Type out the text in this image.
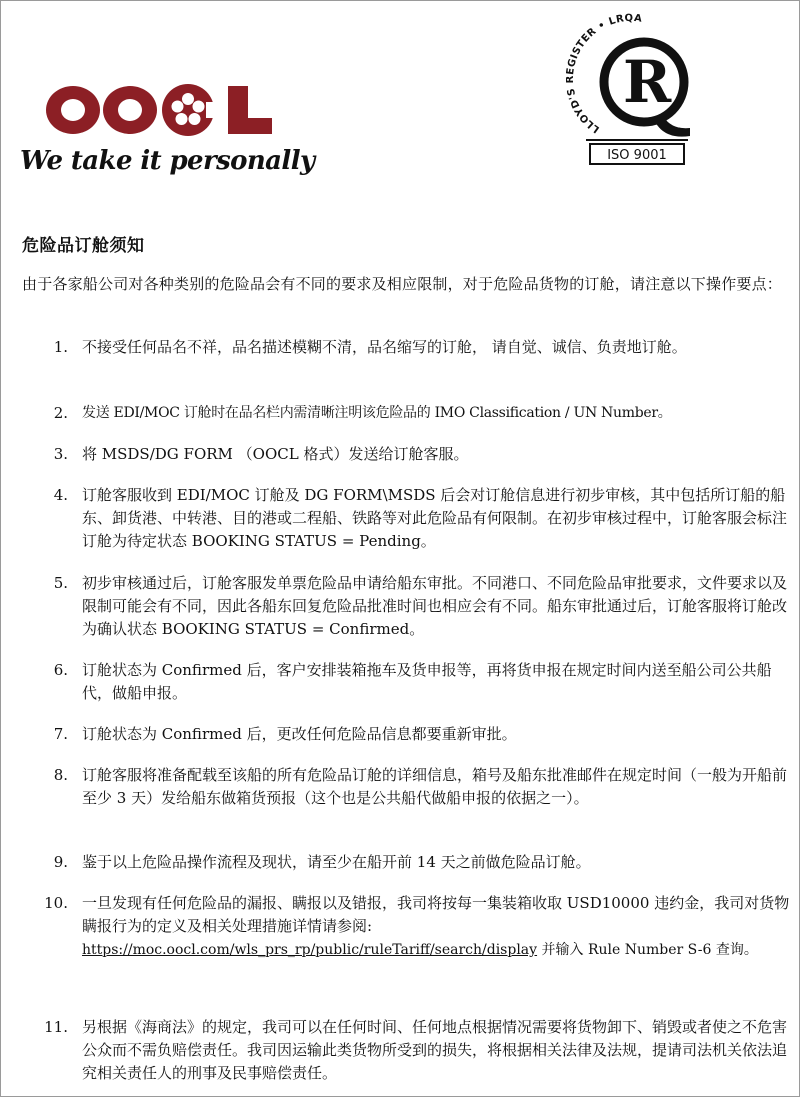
OOCL
We take it personally
LLOYD'S REGISTER • LRQA
R
ISO 9001
危险品订舱须知
由于各家船公司对各种类别的危险品会有不同的要求及相应限制，对于危险品货物的订舱，请注意以下操作要点：
1. 不接受任何品名不祥，品名描述模糊不清，品名缩写的订舱， 请自觉、诚信、负责地订舱。
2. 发送 EDI/MOC 订舱时在品名栏内需清晰注明该危险品的 IMO Classification / UN Number。
3. 将 MSDS/DG FORM （OOCL 格式）发送给订舱客服。
4. 订舱客服收到 EDI/MOC 订舱及 DG FORM\MSDS 后会对订舱信息进行初步审核，其中包括所订船的船东、卸货港、中转港、目的港或二程船、铁路等对此危险品有何限制。在初步审核过程中，订舱客服会标注订舱为待定状态 BOOKING STATUS = Pending。
5. 初步审核通过后，订舱客服发单票危险品申请给船东审批。不同港口、不同危险品审批要求，文件要求以及限制可能会有不同，因此各船东回复危险品批准时间也相应会有不同。船东审批通过后，订舱客服将订舱改为确认状态 BOOKING STATUS = Confirmed。
6. 订舱状态为 Confirmed 后，客户安排装箱拖车及货申报等，再将货申报在规定时间内送至船公司公共船代，做船申报。
7. 订舱状态为 Confirmed 后，更改任何危险品信息都要重新审批。
8. 订舱客服将准备配载至该船的所有危险品订舱的详细信息，箱号及船东批准邮件在规定时间（一般为开船前至少 3 天）发给船东做箱货预报（这个也是公共船代做船申报的依据之一）。
9. 鉴于以上危险品操作流程及现状，请至少在船开前 14 天之前做危险品订舱。
10. 一旦发现有任何危险品的漏报、瞒报以及错报，我司将按每一集装箱收取 USD10000 违约金，我司对货物瞒报行为的定义及相关处理措施详情请参阅:
https://moc.oocl.com/wls_prs_rp/public/ruleTariff/search/display 并输入 Rule Number S-6 查询。
11. 另根据《海商法》的规定，我司可以在任何时间、任何地点根据情况需要将货物卸下、销毁或者使之不危害公众而不需负赔偿责任。我司因运输此类货物所受到的损失，将根据相关法律及法规，提请司法机关依法追究相关责任人的刑事及民事赔偿责任。
